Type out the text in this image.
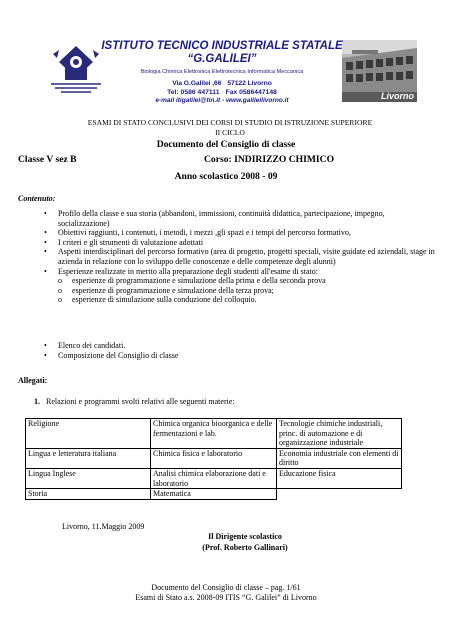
Livorno
ISTITUTO TECNICO INDUSTRIALE STATALE
“G.GALILEI”
Biologia Chimica Elettronica Elettrotecnica Informatica Meccanica
Via G.Galilei ,66 57122 Livorno
Tel: 0586 447111 Fax 0586447148
e-mail itigalilei@tin.it - www.galileilivorno.it
ESAMI DI STATO CONCLUSIVI DEI CORSI DI STUDIO DI ISTRUZIONE SUPERIORE
II CICLO
Documento del Consiglio di classe
Classe V sez B	Corso: INDIRIZZO CHIMICO
Anno scolastico 2008 - 09
Contenuto:
• Profilo della classe e sua storia (abbandoni, immissioni, continuità didattica, partecipazione, impegno, socializzazione)
• Obiettivi raggiunti, i contenuti, i metodi, i mezzi ,gli spazi e i tempi del percorso formativo,
• I criteri e gli strumenti di valutazione adottati
• Aspetti interdisciplinari del percorso formativo (area di progetto, progetti speciali, visite guidate ed aziendali, stage in azienda in relazione con lo sviluppo delle conoscenze e delle competenze degli alunni)
• Esperienze realizzate in merito alla preparazione degli studenti all'esame di stato:
o esperienze di programmazione e simulazione della prima e della seconda prova
o esperienze di programmazione e simulazione della terza prova;
o esperienze di simulazione sulla conduzione del colloquio.
• Elenco dei candidati.
• Composizione del Consiglio di classe
Allegati:
1. Relazioni e programmi svolti relativi alle seguenti materie:
Religione	Chimica organica bioorganica e delle fermentazioni e lab.	Tecnologie chimiche industriali, princ. di automazione e di organizzazione industriale
Lingua e letteratura italiana	Chimica fisica e laboratorio	Economia industriale con elementi di diritto
Lingua Inglese	Analisi chimica elaborazione dati e laboratorio	Educazione fisica
Storia	Matematica	
Livorno, 11.Maggio 2009
Il Dirigente scolastico
(Prof. Roberto Gallinari)
Documento del Consiglio di classe – pag. 1/61
Esami di Stato a.s. 2008-09 ITIS “G. Galilei” di Livorno
